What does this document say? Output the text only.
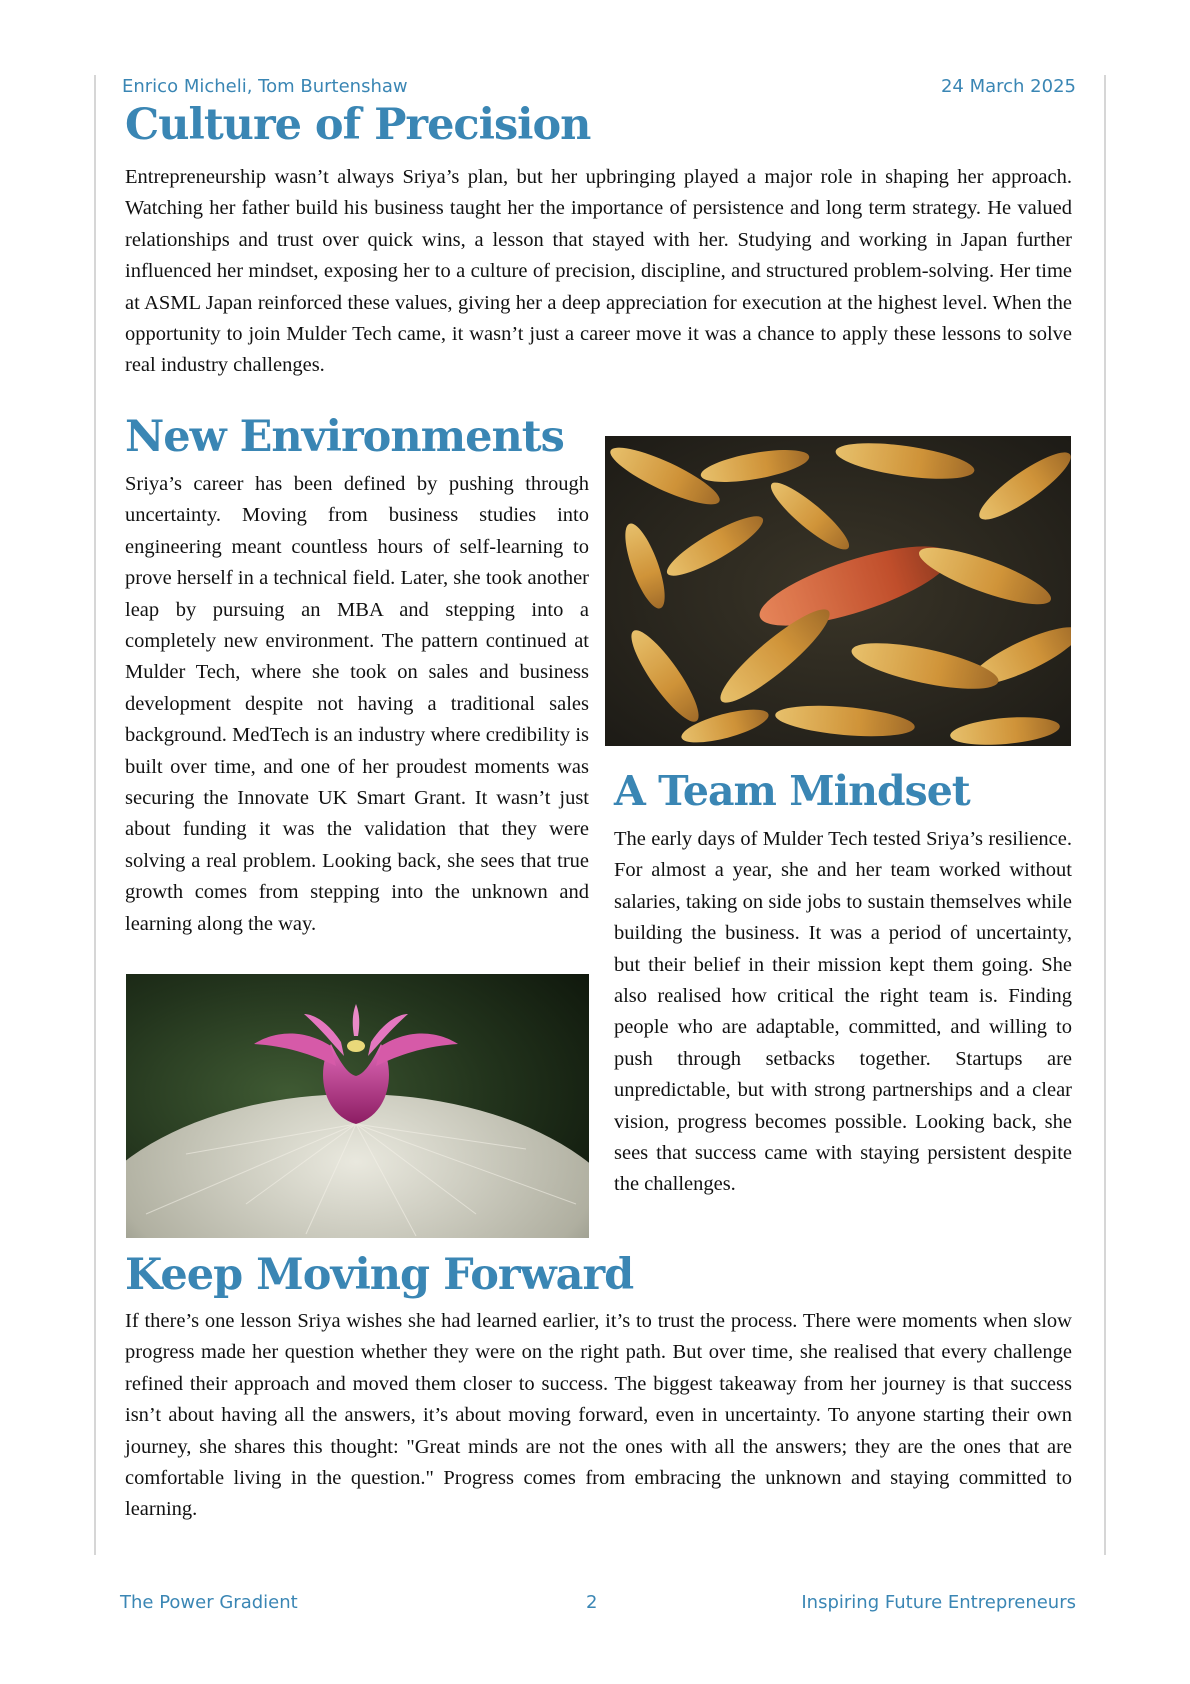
Enrico Micheli, Tom Burtenshaw	24 March 2025
Culture of Precision

Entrepreneurship wasn’t always Sriya’s plan, but her upbringing played a major role in shaping her approach. Watching her father build his business taught her the importance of persistence and long term strategy. He valued relationships and trust over quick wins, a lesson that stayed with her. Studying and working in Japan further influenced her mindset, exposing her to a culture of precision, discipline, and structured problem-solving. Her time at ASML Japan reinforced these values, giving her a deep appreciation for execution at the highest level. When the opportunity to join Mulder Tech came, it wasn’t just a career move it was a chance to apply these lessons to solve real industry challenges.

New Environments

Sriya’s career has been defined by pushing through uncertainty. Moving from business studies into engineering meant countless hours of self-learning to prove herself in a technical field. Later, she took another leap by pursuing an MBA and stepping into a completely new environment. The pattern continued at Mulder Tech, where she took on sales and business development despite not having a traditional sales background. MedTech is an industry where credibility is built over time, and one of her proudest moments was securing the Innovate UK Smart Grant. It wasn’t just about funding it was the validation that they were solving a real problem. Looking back, she sees that true growth comes from stepping into the unknown and learning along the way.

A Team Mindset

The early days of Mulder Tech tested Sriya’s resilience. For almost a year, she and her team worked without salaries, taking on side jobs to sustain themselves while building the business. It was a period of uncertainty, but their belief in their mission kept them going. She also realised how critical the right team is. Finding people who are adaptable, committed, and willing to push through setbacks together. Startups are unpredictable, but with strong partnerships and a clear vision, progress becomes possible. Looking back, she sees that success came with staying persistent despite the challenges.

Keep Moving Forward

If there’s one lesson Sriya wishes she had learned earlier, it’s to trust the process. There were moments when slow progress made her question whether they were on the right path. But over time, she realised that every challenge refined their approach and moved them closer to success. The biggest takeaway from her journey is that success isn’t about having all the answers, it’s about moving forward, even in uncertainty. To anyone starting their own journey, she shares this thought: "Great minds are not the ones with all the answers; they are the ones that are comfortable living in the question." Progress comes from embracing the unknown and staying committed to learning.

The Power Gradient	2	Inspiring Future Entrepreneurs
